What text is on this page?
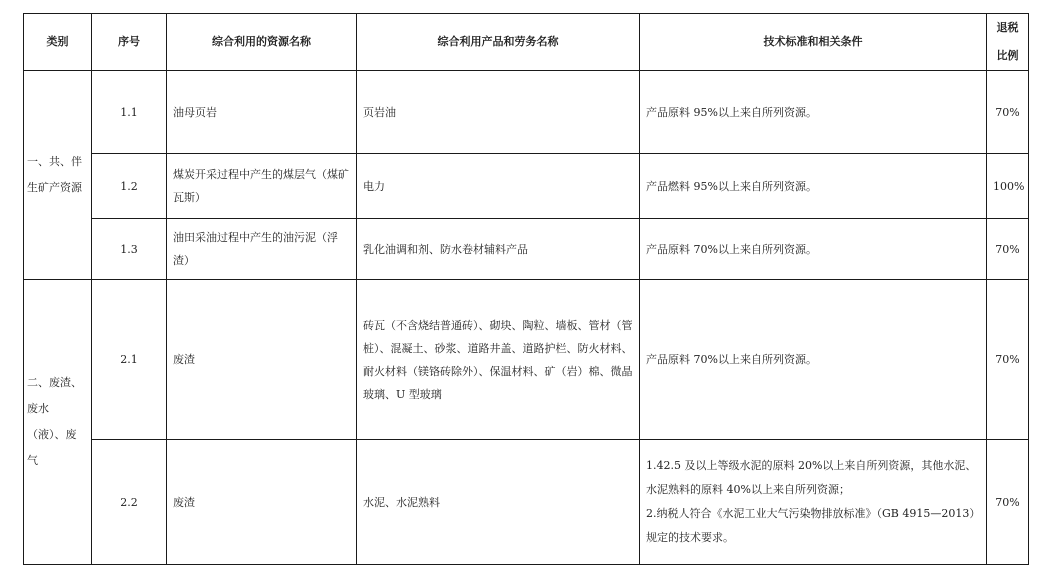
类别	序号	综合利用的资源名称	综合利用产品和劳务名称	技术标准和相关条件	退税
比例
一、共、伴生矿产资源	1.1	油母页岩	页岩油	产品原料 95%以上来自所列资源。	70%
	1.2	煤炭开采过程中产生的煤层气（煤矿瓦斯）	电力	产品燃料 95%以上来自所列资源。	100%
	1.3	油田采油过程中产生的油污泥（浮渣）	乳化油调和剂、防水卷材辅料产品	产品原料 70%以上来自所列资源。	70%
二、废渣、废水（液）、废气	2.1	废渣	砖瓦（不含烧结普通砖）、砌块、陶粒、墙板、管材（管桩）、混凝土、砂浆、道路井盖、道路护栏、防火材料、耐火材料（镁铬砖除外）、保温材料、矿（岩）棉、微晶玻璃、U 型玻璃	产品原料 70%以上来自所列资源。	70%
	2.2	废渣	水泥、水泥熟料	1.42.5 及以上等级水泥的原料 20%以上来自所列资源，其他水泥、水泥熟料的原料 40%以上来自所列资源；
2.纳税人符合《水泥工业大气污染物排放标准》（GB 4915—2013）规定的技术要求。	70%
